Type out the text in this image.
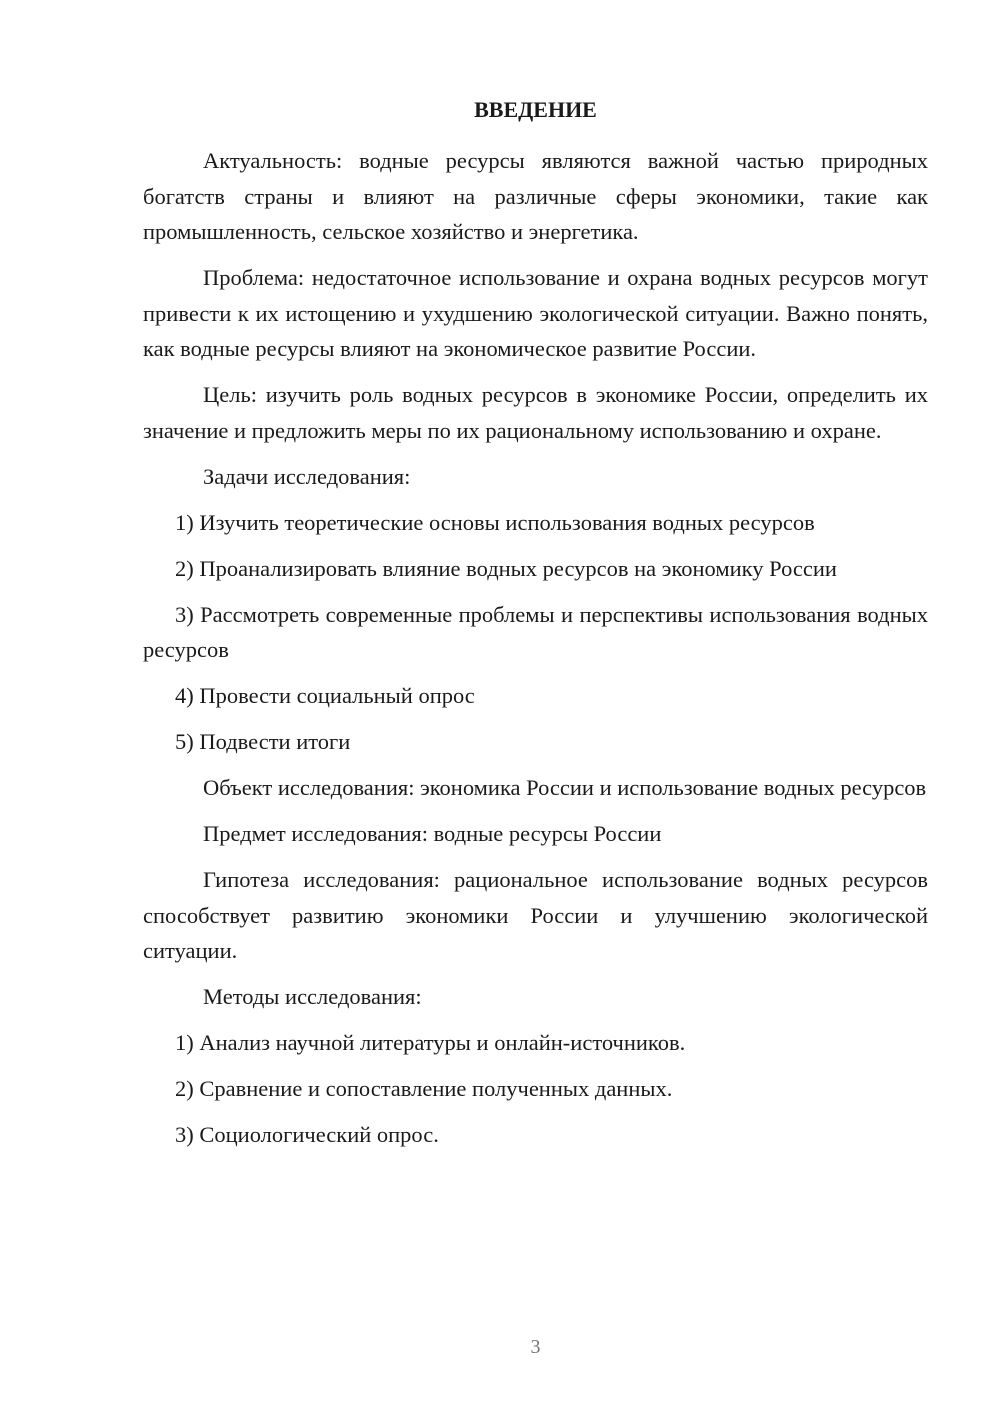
ВВЕДЕНИЕ

Актуальность: водные ресурсы являются важной частью природных богатств страны и влияют на различные сферы экономики, такие как промышленность, сельское хозяйство и энергетика.

Проблема: недостаточное использование и охрана водных ресурсов могут привести к их истощению и ухудшению экологической ситуации. Важно понять, как водные ресурсы влияют на экономическое развитие России.

Цель: изучить роль водных ресурсов в экономике России, определить их значение и предложить меры по их рациональному использованию и охране.

Задачи исследования:

1) Изучить теоретические основы использования водных ресурсов

2) Проанализировать влияние водных ресурсов на экономику России

3) Рассмотреть современные проблемы и перспективы использования водных ресурсов

4) Провести социальный опрос

5) Подвести итоги

Объект исследования: экономика России и использование водных ресурсов

Предмет исследования: водные ресурсы России

Гипотеза исследования: рациональное использование водных ресурсов способствует развитию экономики России и улучшению экологической ситуации.

Методы исследования:

1) Анализ научной литературы и онлайн-источников.

2) Сравнение и сопоставление полученных данных.

3) Социологический опрос.

3
